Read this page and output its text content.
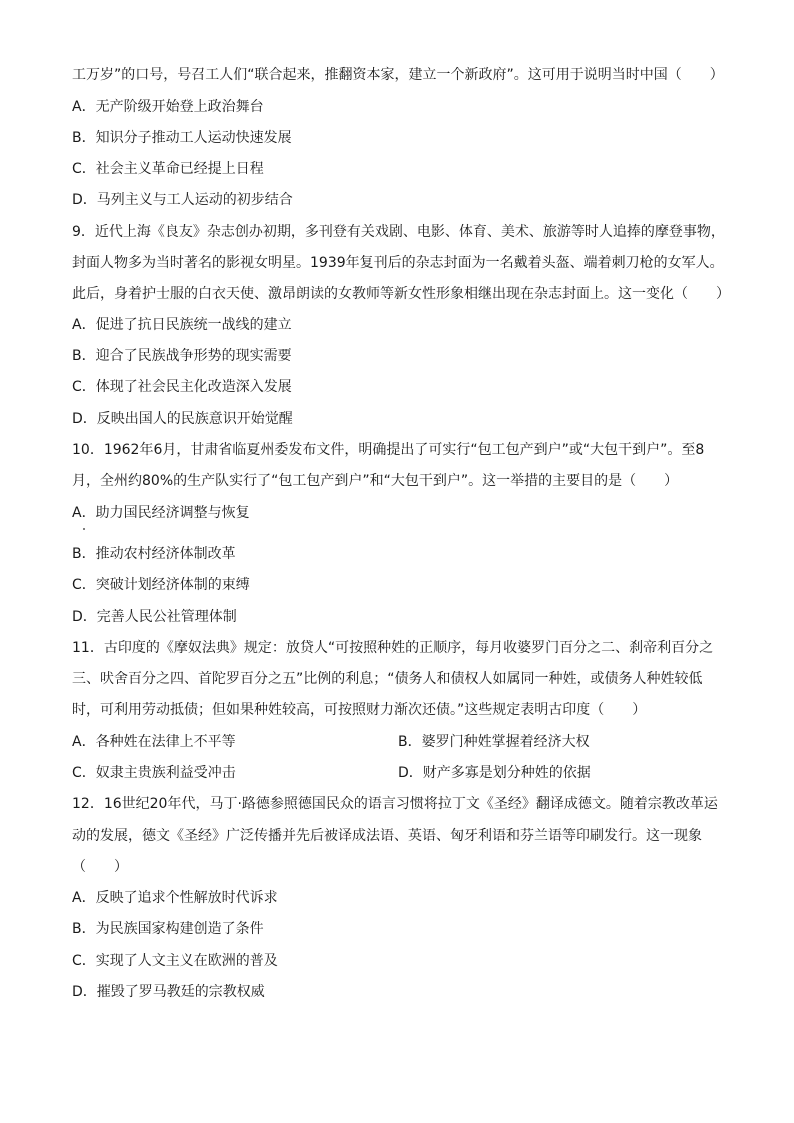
工万岁”的口号，号召工人们“联合起来，推翻资本家，建立一个新政府”。这可用于说明当时中国（　　）
A．无产阶级开始登上政治舞台
B．知识分子推动工人运动快速发展
C．社会主义革命已经提上日程
D．马列主义与工人运动的初步结合
9．近代上海《良友》杂志创办初期，多刊登有关戏剧、电影、体育、美术、旅游等时人追捧的摩登事物，
封面人物多为当时著名的影视女明星。1939年复刊后的杂志封面为一名戴着头盔、端着刺刀枪的女军人。
此后，身着护士服的白衣天使、激昂朗读的女教师等新女性形象相继出现在杂志封面上。这一变化（　　）
A．促进了抗日民族统一战线的建立
B．迎合了民族战争形势的现实需要
C．体现了社会民主化改造深入发展
D．反映出国人的民族意识开始觉醒
10．1962年6月，甘肃省临夏州委发布文件，明确提出了可实行“包工包产到户”或“大包干到户”。至8
月，全州约80%的生产队实行了“包工包产到户”和“大包干到户”。这一举措的主要目的是（　　）
A．助力国民经济调整与恢复
B．推动农村经济体制改革
C．突破计划经济体制的束缚
D．完善人民公社管理体制
11．古印度的《摩奴法典》规定：放贷人“可按照种姓的正顺序，每月收婆罗门百分之二、刹帝利百分之
三、吠舍百分之四、首陀罗百分之五”比例的利息；“债务人和债权人如属同一种姓，或债务人种姓较低
时，可利用劳动抵债；但如果种姓较高，可按照财力渐次还债。”这些规定表明古印度（　　）
A．各种姓在法律上不平等	B．婆罗门种姓掌握着经济大权
C．奴隶主贵族利益受冲击	D．财产多寡是划分种姓的依据
12．16世纪20年代，马丁·路德参照德国民众的语言习惯将拉丁文《圣经》翻译成德文。随着宗教改革运
动的发展，德文《圣经》广泛传播并先后被译成法语、英语、匈牙利语和芬兰语等印刷发行。这一现象
（　　）
A．反映了追求个性解放时代诉求
B．为民族国家构建创造了条件
C．实现了人文主义在欧洲的普及
D．摧毁了罗马教廷的宗教权威
